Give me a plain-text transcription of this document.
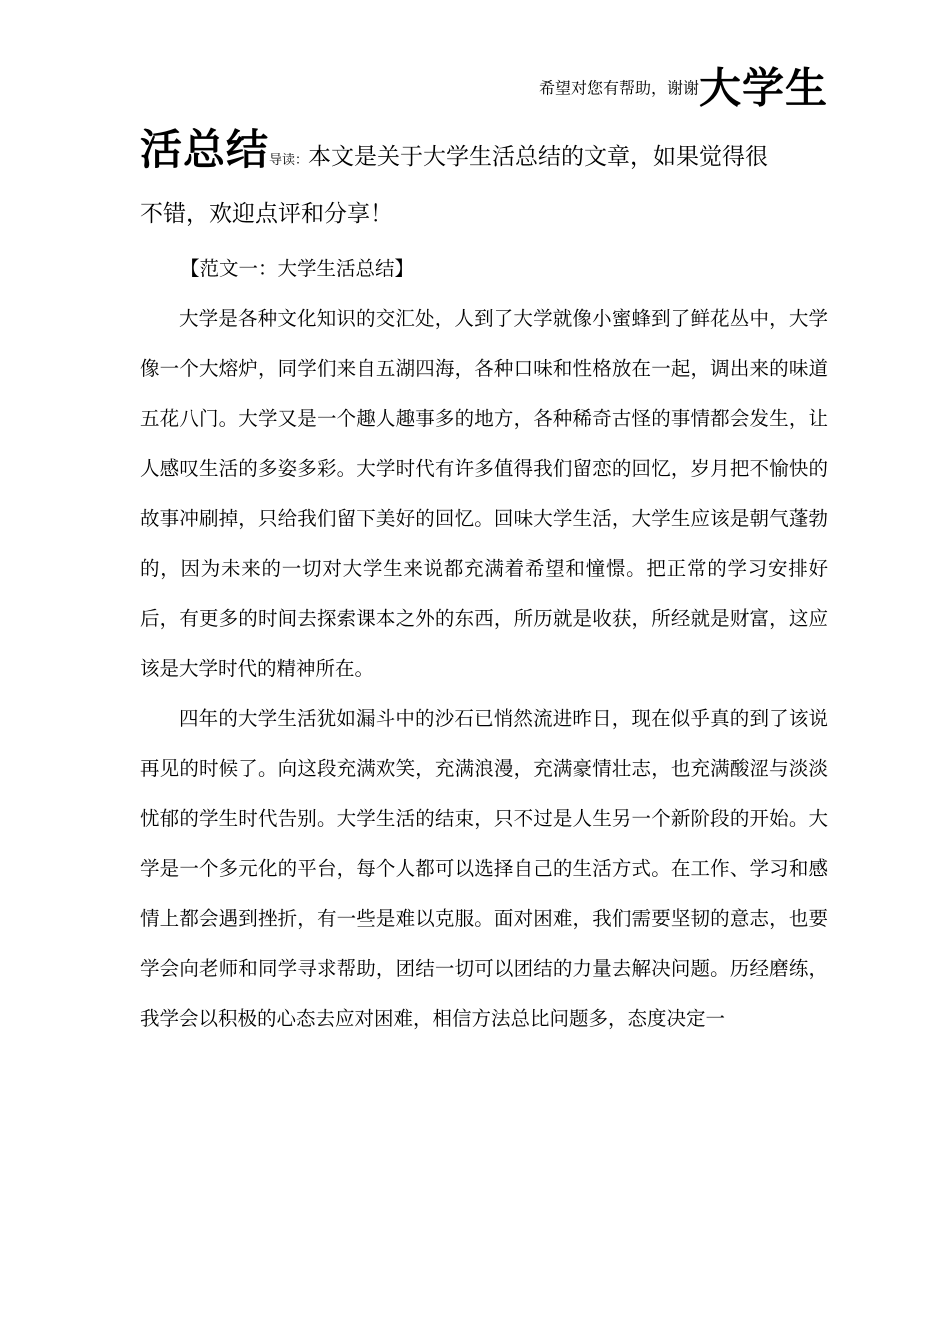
希望对您有帮助，谢谢大学生
活总结导读：本文是关于大学生活总结的文章，如果觉得很
不错，欢迎点评和分享！

【范文一：大学生活总结】

大学是各种文化知识的交汇处，人到了大学就像小蜜蜂到了鲜花丛中，大学像一个大熔炉，同学们来自五湖四海，各种口味和性格放在一起，调出来的味道五花八门。大学又是一个趣人趣事多的地方，各种稀奇古怪的事情都会发生，让人感叹生活的多姿多彩。大学时代有许多值得我们留恋的回忆，岁月把不愉快的故事冲刷掉，只给我们留下美好的回忆。回味大学生活，大学生应该是朝气蓬勃的，因为未来的一切对大学生来说都充满着希望和憧憬。把正常的学习安排好后，有更多的时间去探索课本之外的东西，所历就是收获，所经就是财富，这应该是大学时代的精神所在。

四年的大学生活犹如漏斗中的沙石已悄然流进昨日，现在似乎真的到了该说再见的时候了。向这段充满欢笑，充满浪漫，充满豪情壮志，也充满酸涩与淡淡忧郁的学生时代告别。大学生活的结束，只不过是人生另一个新阶段的开始。大学是一个多元化的平台，每个人都可以选择自己的生活方式。在工作、学习和感情上都会遇到挫折，有一些是难以克服。面对困难，我们需要坚韧的意志，也要学会向老师和同学寻求帮助，团结一切可以团结的力量去解决问题。历经磨练，我学会以积极的心态去应对困难，相信方法总比问题多，态度决定一
